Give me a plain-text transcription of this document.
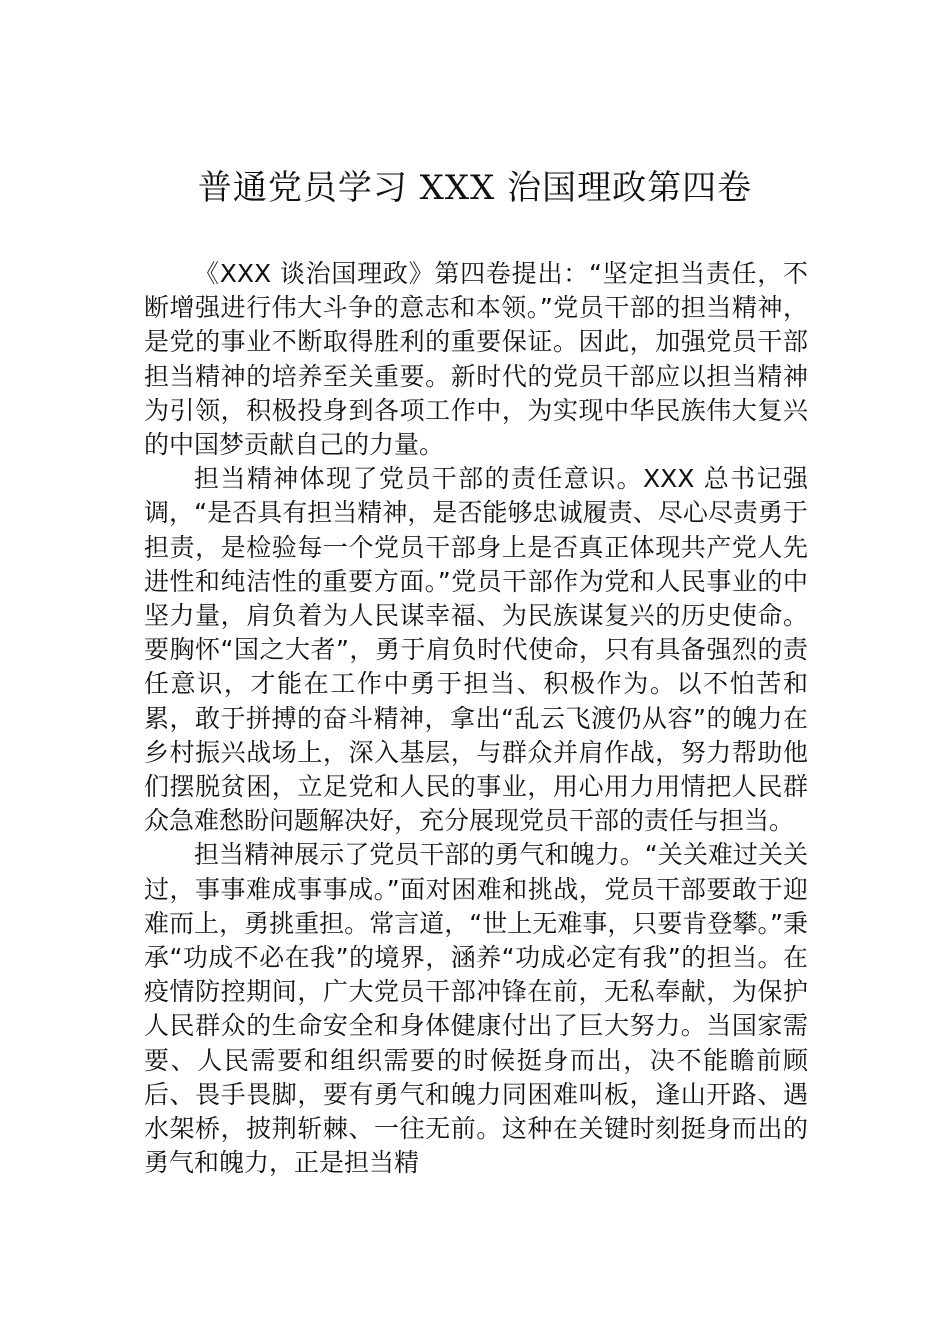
普通党员学习 XXX 治国理政第四卷

《XXX 谈治国理政》第四卷提出：“坚定担当责任，不断增强进行伟大斗争的意志和本领。”党员干部的担当精神，是党的事业不断取得胜利的重要保证。因此，加强党员干部担当精神的培养至关重要。新时代的党员干部应以担当精神为引领，积极投身到各项工作中，为实现中华民族伟大复兴的中国梦贡献自己的力量。

担当精神体现了党员干部的责任意识。XXX 总书记强调，“是否具有担当精神，是否能够忠诚履责、尽心尽责勇于担责，是检验每一个党员干部身上是否真正体现共产党人先进性和纯洁性的重要方面。”党员干部作为党和人民事业的中坚力量，肩负着为人民谋幸福、为民族谋复兴的历史使命。要胸怀“国之大者”，勇于肩负时代使命，只有具备强烈的责任意识，才能在工作中勇于担当、积极作为。以不怕苦和累，敢于拼搏的奋斗精神，拿出“乱云飞渡仍从容”的魄力在乡村振兴战场上，深入基层，与群众并肩作战，努力帮助他们摆脱贫困，立足党和人民的事业，用心用力用情把人民群众急难愁盼问题解决好，充分展现党员干部的责任与担当。

担当精神展示了党员干部的勇气和魄力。“关关难过关关过，事事难成事事成。”面对困难和挑战，党员干部要敢于迎难而上，勇挑重担。常言道，“世上无难事，只要肯登攀。”秉承“功成不必在我”的境界，涵养“功成必定有我”的担当。在疫情防控期间，广大党员干部冲锋在前，无私奉献，为保护人民群众的生命安全和身体健康付出了巨大努力。当国家需要、人民需要和组织需要的时候挺身而出，决不能瞻前顾后、畏手畏脚，要有勇气和魄力同困难叫板，逢山开路、遇水架桥，披荆斩棘、一往无前。这种在关键时刻挺身而出的勇气和魄力，正是担当精
